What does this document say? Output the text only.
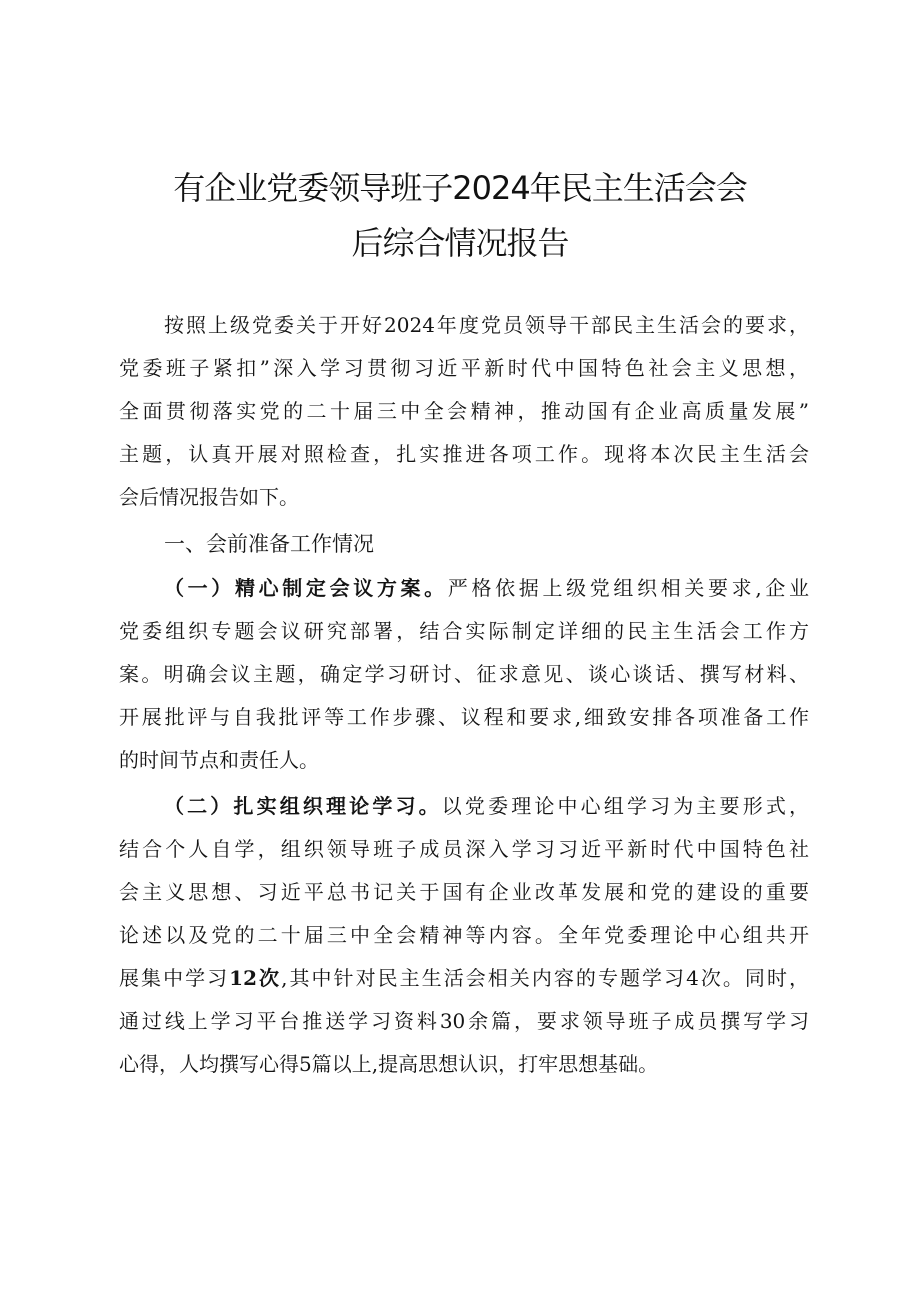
有企业党委领导班子2024年民主生活会会
后综合情况报告
按照上级党委关于开好2024年度党员领导干部民主生活会的要求，
党委班子紧扣”深入学习贯彻习近平新时代中国特色社会主义思想，
全面贯彻落实党的二十届三中全会精神，推动国有企业高质量发展”
主题，认真开展对照检查，扎实推进各项工作。现将本次民主生活会
会后情况报告如下。
一、会前准备工作情况
（一）精心制定会议方案。严格依据上级党组织相关要求,企业
党委组织专题会议研究部署，结合实际制定详细的民主生活会工作方
案。明确会议主题，确定学习研讨、征求意见、谈心谈话、撰写材料、
开展批评与自我批评等工作步骤、议程和要求,细致安排各项准备工作
的时间节点和责任人。
（二）扎实组织理论学习。以党委理论中心组学习为主要形式，
结合个人自学，组织领导班子成员深入学习习近平新时代中国特色社
会主义思想、习近平总书记关于国有企业改革发展和党的建设的重要
论述以及党的二十届三中全会精神等内容。全年党委理论中心组共开
展集中学习12次,其中针对民主生活会相关内容的专题学习4次。同时，
通过线上学习平台推送学习资料30余篇，要求领导班子成员撰写学习
心得，人均撰写心得5篇以上,提高思想认识，打牢思想基础。
